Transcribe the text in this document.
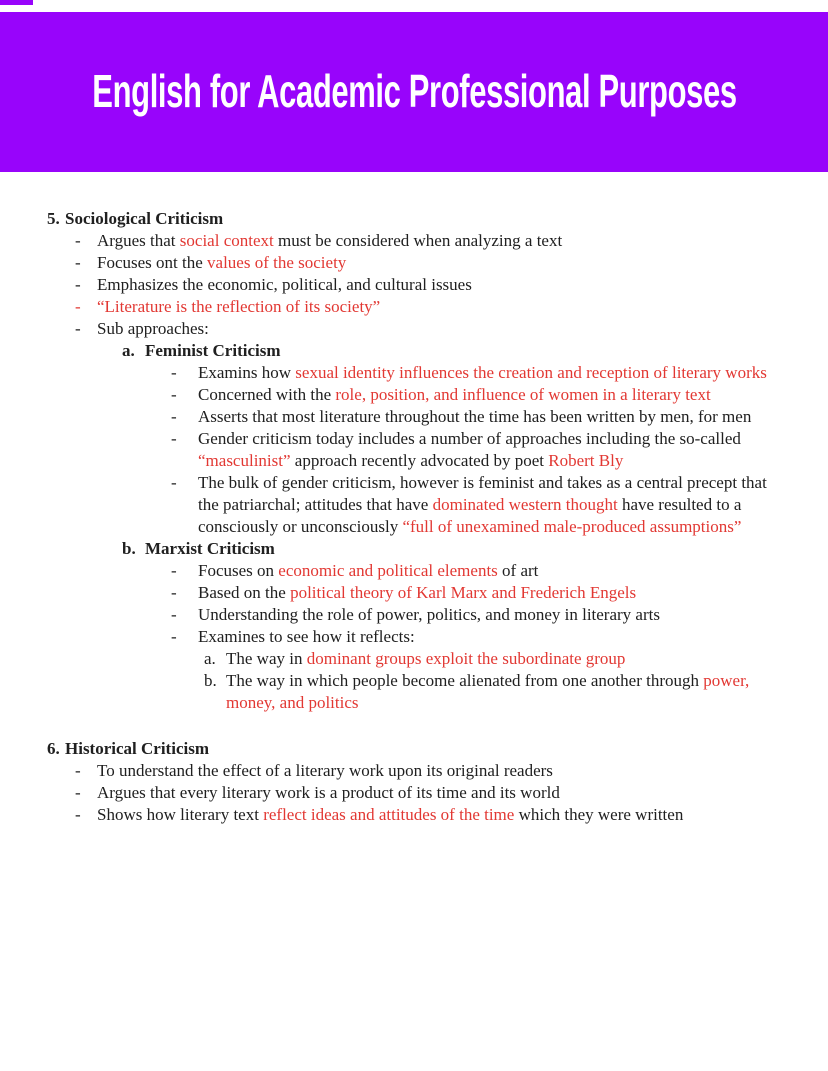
English for Academic Professional Purposes
5. Sociological Criticism
- Argues that social context must be considered when analyzing a text
- Focuses ont the values of the society
- Emphasizes the economic, political, and cultural issues
- “Literature is the reflection of its society”
- Sub approaches:
a. Feminist Criticism
-	Examins how sexual identity influences the creation and reception of literary works
-	Concerned with the role, position, and influence of women in a literary text
-	Asserts that most literature throughout the time has been written by men, for men
-	Gender criticism today includes a number of approaches including the so-called “masculinist” approach recently advocated by poet Robert Bly
-	The bulk of gender criticism, however is feminist and takes as a central precept that the patriarchal; attitudes that have dominated western thought have resulted to a consciously or unconsciously “full of unexamined male-produced assumptions”
b. Marxist Criticism
-	Focuses on economic and political elements of art
-	Based on the political theory of Karl Marx and Frederich Engels
-	Understanding the role of power, politics, and money in literary arts
-	Examines to see how it reflects:
a. The way in dominant groups exploit the subordinate group
b. The way in which people become alienated from one another through power, money, and politics
6. Historical Criticism
- To understand the effect of a literary work upon its original readers
- Argues that every literary work is a product of its time and its world
- Shows how literary text reflect ideas and attitudes of the time which they were written
